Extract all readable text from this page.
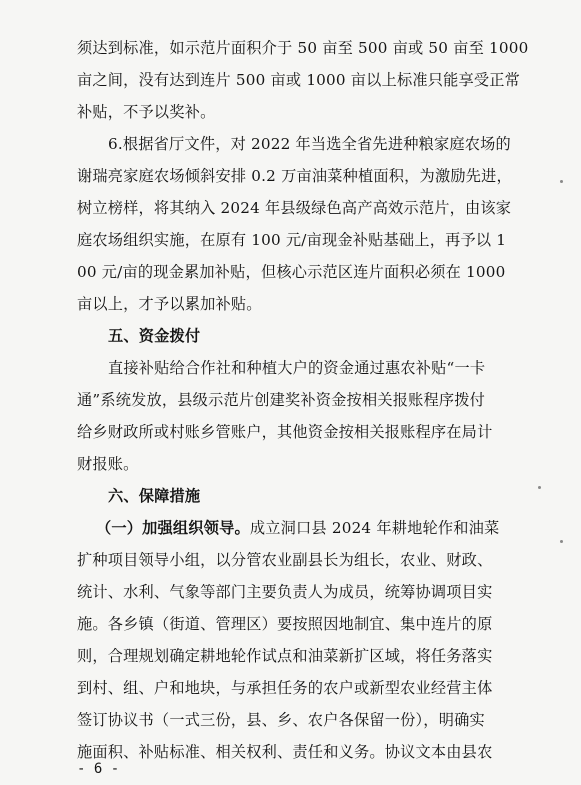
须达到标准，如示范片面积介于 50 亩至 500 亩或 50 亩至 1000
亩之间，没有达到连片 500 亩或 1000 亩以上标准只能享受正常
补贴，不予以奖补。
6.根据省厅文件，对 2022 年当选全省先进种粮家庭农场的
谢瑞亮家庭农场倾斜安排 0.2 万亩油菜种植面积，为激励先进，
树立榜样，将其纳入 2024 年县级绿色高产高效示范片，由该家
庭农场组织实施，在原有 100 元/亩现金补贴基础上，再予以 1
00 元/亩的现金累加补贴，但核心示范区连片面积必须在 1000
亩以上，才予以累加补贴。
五、资金拨付
直接补贴给合作社和种植大户的资金通过惠农补贴“一卡
通”系统发放，县级示范片创建奖补资金按相关报账程序拨付
给乡财政所或村账乡管账户，其他资金按相关报账程序在局计
财报账。
六、保障措施
（一）加强组织领导。成立洞口县 2024 年耕地轮作和油菜
扩种项目领导小组，以分管农业副县长为组长，农业、财政、
统计、水利、气象等部门主要负责人为成员，统筹协调项目实
施。各乡镇（街道、管理区）要按照因地制宜、集中连片的原
则，合理规划确定耕地轮作试点和油菜新扩区域，将任务落实
到村、组、户和地块，与承担任务的农户或新型农业经营主体
签订协议书（一式三份，县、乡、农户各保留一份），明确实
施面积、补贴标准、相关权利、责任和义务。协议文本由县农
- 6 -
